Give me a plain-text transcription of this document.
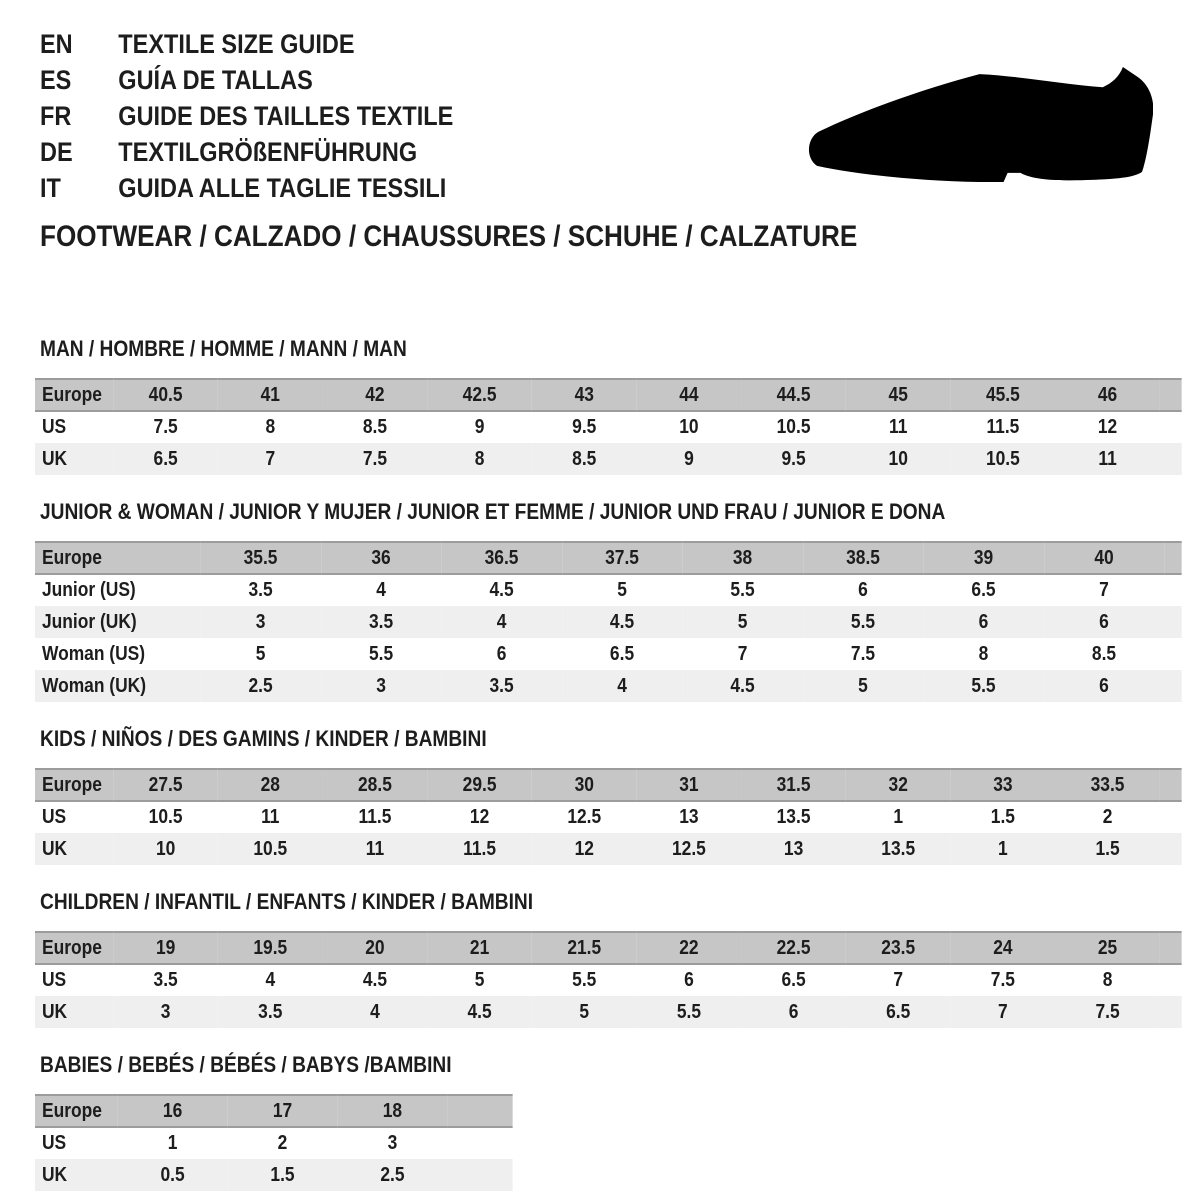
EN TEXTILE SIZE GUIDE
ES GUÍA DE TALLAS
FR GUIDE DES TAILLES TEXTILE
DE TEXTILGRÖßENFÜHRUNG
IT GUIDA ALLE TAGLIE TESSILI
FOOTWEAR / CALZADO / CHAUSSURES / SCHUHE / CALZATURE
MAN / HOMBRE / HOMME / MANN / MAN
Europe	40.5	41	42	42.5	43	44	44.5	45	45.5	46	
US	7.5	8	8.5	9	9.5	10	10.5	11	11.5	12	
UK	6.5	7	7.5	8	8.5	9	9.5	10	10.5	11	
JUNIOR & WOMAN / JUNIOR Y MUJER / JUNIOR ET FEMME / JUNIOR UND FRAU / JUNIOR E DONA
Europe	35.5	36	36.5	37.5	38	38.5	39	40	
Junior (US)	3.5	4	4.5	5	5.5	6	6.5	7	
Junior (UK)	3	3.5	4	4.5	5	5.5	6	6	
Woman (US)	5	5.5	6	6.5	7	7.5	8	8.5	
Woman (UK)	2.5	3	3.5	4	4.5	5	5.5	6	
KIDS / NIÑOS / DES GAMINS / KINDER / BAMBINI
Europe	27.5	28	28.5	29.5	30	31	31.5	32	33	33.5	
US	10.5	11	11.5	12	12.5	13	13.5	1	1.5	2	
UK	10	10.5	11	11.5	12	12.5	13	13.5	1	1.5	
CHILDREN / INFANTIL / ENFANTS / KINDER / BAMBINI
Europe	19	19.5	20	21	21.5	22	22.5	23.5	24	25	
US	3.5	4	4.5	5	5.5	6	6.5	7	7.5	8	
UK	3	3.5	4	4.5	5	5.5	6	6.5	7	7.5	
BABIES / BEBÉS / BÉBÉS / BABYS /BAMBINI
Europe	16	17	18	
US	1	2	3	
UK	0.5	1.5	2.5	
